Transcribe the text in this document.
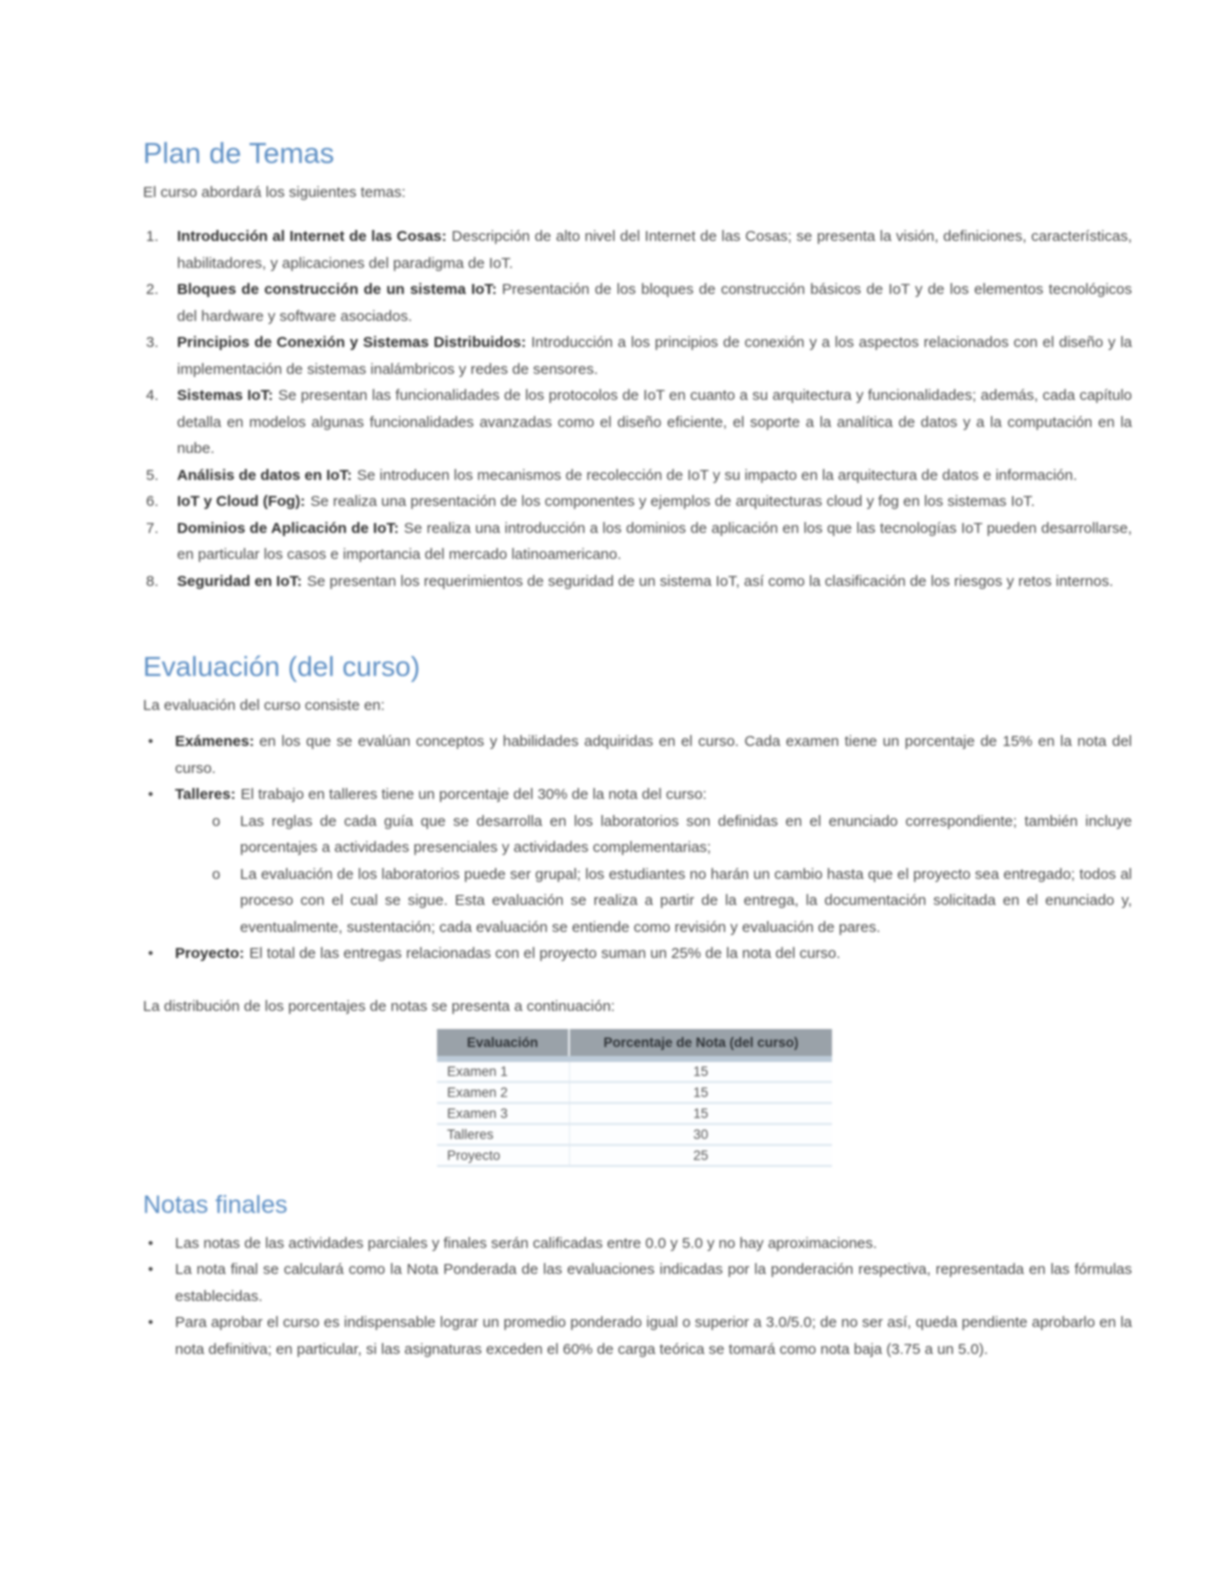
Plan de Temas

El curso abordará los siguientes temas:

1. Introducción al Internet de las Cosas: Descripción de alto nivel del Internet de las Cosas; se presenta la visión, definiciones, características, habilitadores, y aplicaciones del paradigma de IoT.
2. Bloques de construcción de un sistema IoT: Presentación de los bloques de construcción básicos de IoT y de los elementos tecnológicos del hardware y software asociados.
3. Principios de Conexión y Sistemas Distribuidos: Introducción a los principios de conexión y a los aspectos relacionados con el diseño y la implementación de sistemas inalámbricos y redes de sensores.
4. Sistemas IoT: Se presentan las funcionalidades de los protocolos de IoT en cuanto a su arquitectura y funcionalidades; además, cada capítulo detalla en modelos algunas funcionalidades avanzadas como el diseño eficiente, el soporte a la analítica de datos y a la computación en la nube.
5. Análisis de datos en IoT: Se introducen los mecanismos de recolección de IoT y su impacto en la arquitectura de datos e información.
6. IoT y Cloud (Fog): Se realiza una presentación de los componentes y ejemplos de arquitecturas cloud y fog en los sistemas IoT.
7. Dominios de Aplicación de IoT: Se realiza una introducción a los dominios de aplicación en los que las tecnologías IoT pueden desarrollarse, en particular los casos e importancia del mercado latinoamericano.
8. Seguridad en IoT: Se presentan los requerimientos de seguridad de un sistema IoT, así como la clasificación de los riesgos y retos internos.
Evaluación (del curso)

La evaluación del curso consiste en:

• Exámenes: en los que se evalúan conceptos y habilidades adquiridas en el curso. Cada examen tiene un porcentaje de 15% en la nota del curso.
• Talleres: El trabajo en talleres tiene un porcentaje del 30% de la nota del curso:
o Las reglas de cada guía que se desarrolla en los laboratorios son definidas en el enunciado correspondiente; también incluye porcentajes a actividades presenciales y actividades complementarias;
o La evaluación de los laboratorios puede ser grupal; los estudiantes no harán un cambio hasta que el proyecto sea entregado; todos al proceso con el cual se sigue. Esta evaluación se realiza a partir de la entrega, la documentación solicitada en el enunciado y, eventualmente, sustentación; cada evaluación se entiende como revisión y evaluación de pares.
• Proyecto: El total de las entregas relacionadas con el proyecto suman un 25% de la nota del curso.

La distribución de los porcentajes de notas se presenta a continuación:

Evaluación	Porcentaje de Nota (del curso)
Examen 1	15
Examen 2	15
Examen 3	15
Talleres	30
Proyecto	25
Notas finales
• Las notas de las actividades parciales y finales serán calificadas entre 0.0 y 5.0 y no hay aproximaciones.
• La nota final se calculará como la Nota Ponderada de las evaluaciones indicadas por la ponderación respectiva, representada en las fórmulas establecidas.
• Para aprobar el curso es indispensable lograr un promedio ponderado igual o superior a 3.0/5.0; de no ser así, queda pendiente aprobarlo en la nota definitiva; en particular, si las asignaturas exceden el 60% de carga teórica se tomará como nota baja (3.75 a un 5.0).
